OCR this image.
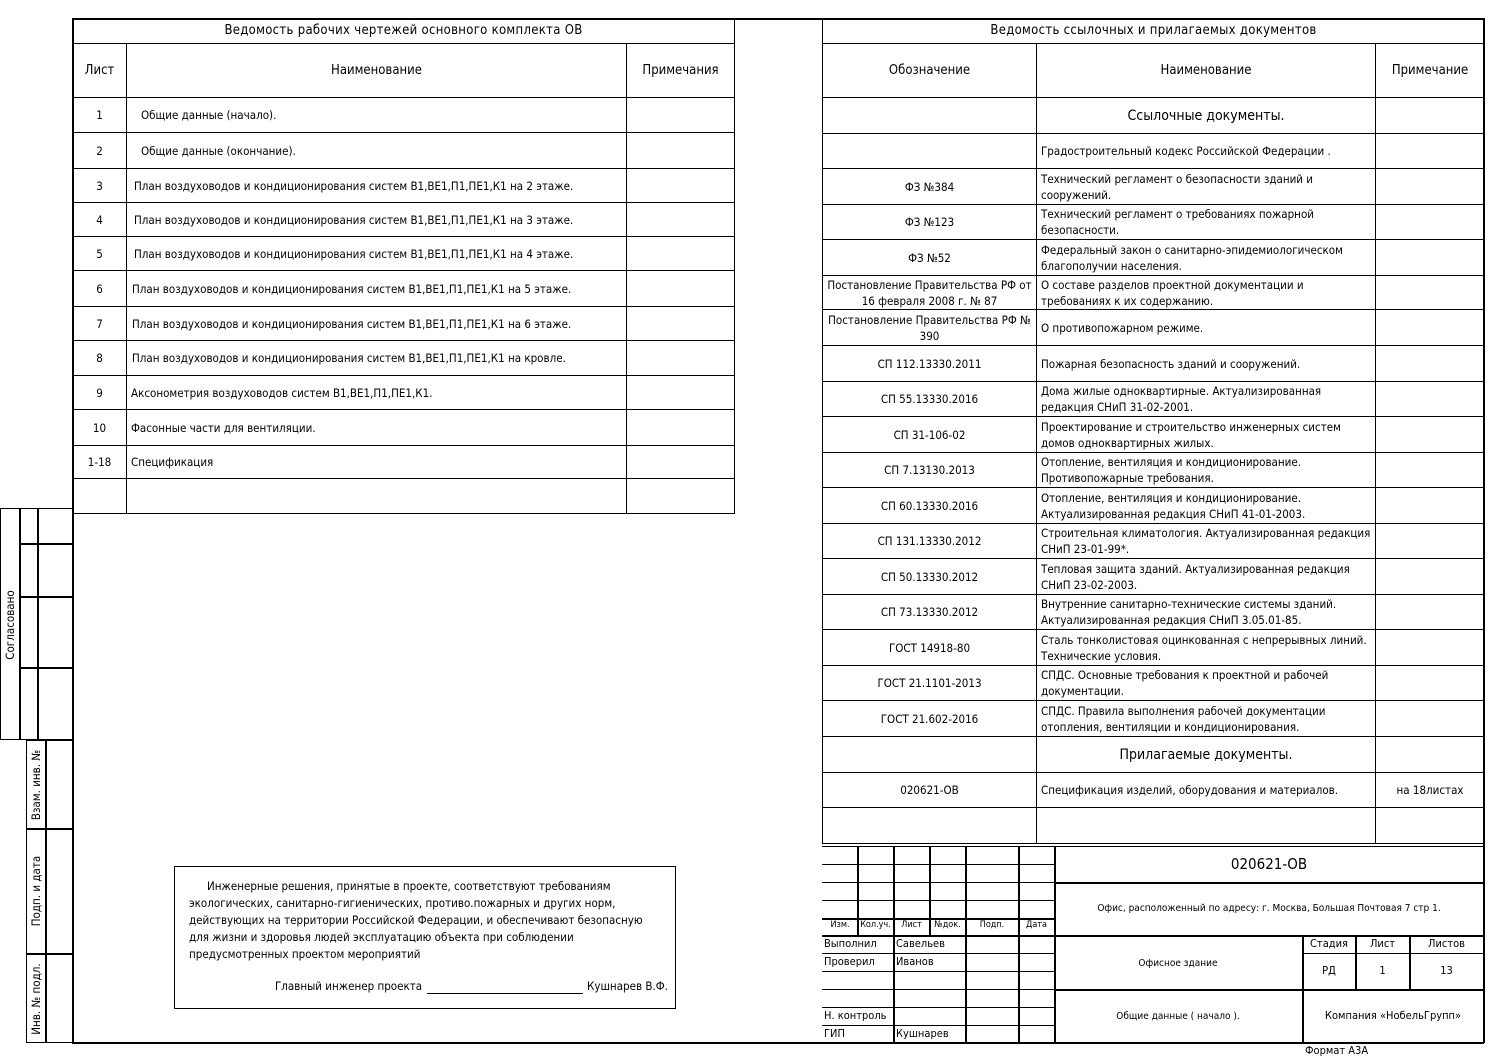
Ведомость рабочих чертежей основного комплекта ОВ		
Лист	Наименование	Примечания
1	Общие данные (начало).	
2	Общие данные (окончание).	
3	План воздуховодов и кондиционирования систем В1,ВЕ1,П1,ПЕ1,К1 на 2 этаже.	
4	План воздуховодов и кондиционирования систем В1,ВЕ1,П1,ПЕ1,К1 на 3 этаже.	
5	План воздуховодов и кондиционирования систем В1,ВЕ1,П1,ПЕ1,К1 на 4 этаже.	
6	План воздуховодов и кондиционирования систем В1,ВЕ1,П1,ПЕ1,К1 на 5 этаже.	
7	План воздуховодов и кондиционирования систем В1,ВЕ1,П1,ПЕ1,К1 на 6 этаже.	
8	План воздуховодов и кондиционирования систем В1,ВЕ1,П1,ПЕ1,К1 на кровле.	
9	Аксонометрия воздуховодов систем В1,ВЕ1,П1,ПЕ1,К1.	
10	Фасонные части для вентиляции.	
1-18	Спецификация	

Ведомость ссылочных и прилагаемых документов		
Обозначение	Наименование	Примечание
	Ссылочные документы.	
	Градостроительный кодекс Российской Федерации .	
ФЗ №384	Технический регламент о безопасности зданий и сооружений.	
ФЗ №123	Технический регламент о требованиях пожарной безопасности.	
ФЗ №52	Федеральный закон о санитарно-эпидемиологическом благополучии населения.	
Постановление Правительства РФ от 16 февраля 2008 г. № 87	О составе разделов проектной документации и требованиях к их содержанию.	
Постановление Правительства РФ № 390	О противопожарном режиме.	
СП 112.13330.2011	Пожарная безопасность зданий и сооружений.	
СП 55.13330.2016	Дома жилые одноквартирные. Актуализированная редакция СНиП 31-02-2001.	
СП 31-106-02	Проектирование и строительство инженерных систем домов одноквартирных жилых.	
СП 7.13130.2013	Отопление, вентиляция и кондиционирование. Противопожарные требования.	
СП 60.13330.2016	Отопление, вентиляция и кондиционирование. Актуализированная редакция СНиП 41-01-2003.	
СП 131.13330.2012	Строительная климатология. Актуализированная редакция СНиП 23-01-99*.	
СП 50.13330.2012	Тепловая защита зданий. Актуализированная редакция СНиП 23-02-2003.	
СП 73.13330.2012	Внутренние санитарно-технические системы зданий. Актуализированная редакция СНиП 3.05.01-85.	
ГОСТ 14918-80	Сталь тонколистовая оцинкованная с непрерывных линий. Технические условия.	
ГОСТ 21.1101-2013	СПДС. Основные требования к проектной и рабочей документации.	
ГОСТ 21.602-2016	СПДС. Правила выполнения рабочей документации отопления, вентиляции и кондиционирования.	
	Прилагаемые документы.	
020621-ОВ	Спецификация изделий, оборудования и материалов.	на 18листах

Согласовано
Взам. инв. №
Подп. и дата
Инв. № подл.
Инженерные решения, принятые в проекте, соответствуют требованиям экологических, санитарно-гигиенических, противо.пожарных и других норм, действующих на территории Российской Федерации, и обеспечивают безопасную для жизни и здоровья людей эксплуатацию объекта при соблюдении предусмотренных проектом мероприятий
Главный инженер проекта	Кушнарев В.Ф.
Изм.	Кол.уч.	Лист	№док.	Подп.	Дата
Выполнил Савельев
Проверил Иванов
Н. контроль
ГИП	Кушнарев
020621-ОВ
Офис, расположенный по адресу: г. Москва, Большая Почтовая 7 стр 1.
Офисное здание
Стадия	Лист	Листов
РД	1	13
Общие данные ( начало ).	Компания «НобельГрупп»
Формат А3А
